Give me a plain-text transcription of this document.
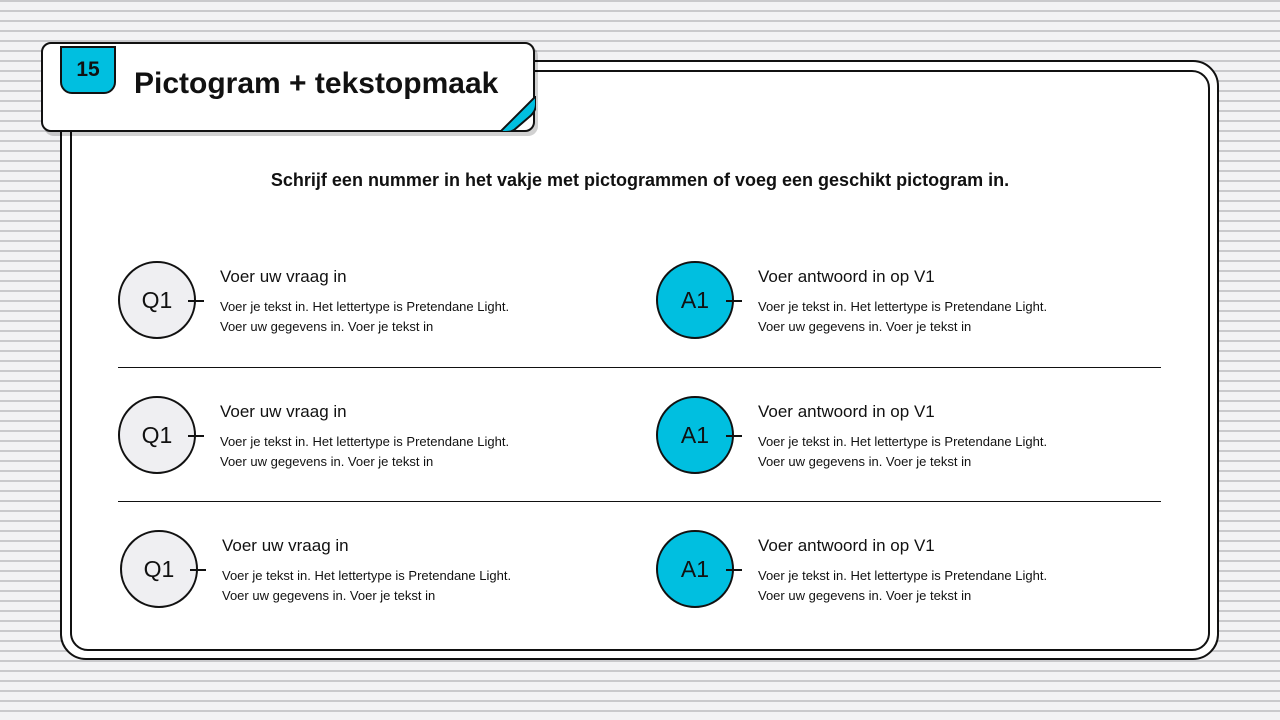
15	Pictogram + tekstopmaak
Schrijf een nummer in het vakje met pictogrammen of voeg een geschikt pictogram in.
Q1
Voer uw vraag in
Voer je tekst in. Het lettertype is Pretendane Light.
Voer uw gegevens in. Voer je tekst in
A1
Voer antwoord in op V1
Voer je tekst in. Het lettertype is Pretendane Light.
Voer uw gegevens in. Voer je tekst in
Q1
Voer uw vraag in
Voer je tekst in. Het lettertype is Pretendane Light.
Voer uw gegevens in. Voer je tekst in
A1
Voer antwoord in op V1
Voer je tekst in. Het lettertype is Pretendane Light.
Voer uw gegevens in. Voer je tekst in
Q1
Voer uw vraag in
Voer je tekst in. Het lettertype is Pretendane Light.
Voer uw gegevens in. Voer je tekst in
A1
Voer antwoord in op V1
Voer je tekst in. Het lettertype is Pretendane Light.
Voer uw gegevens in. Voer je tekst in
